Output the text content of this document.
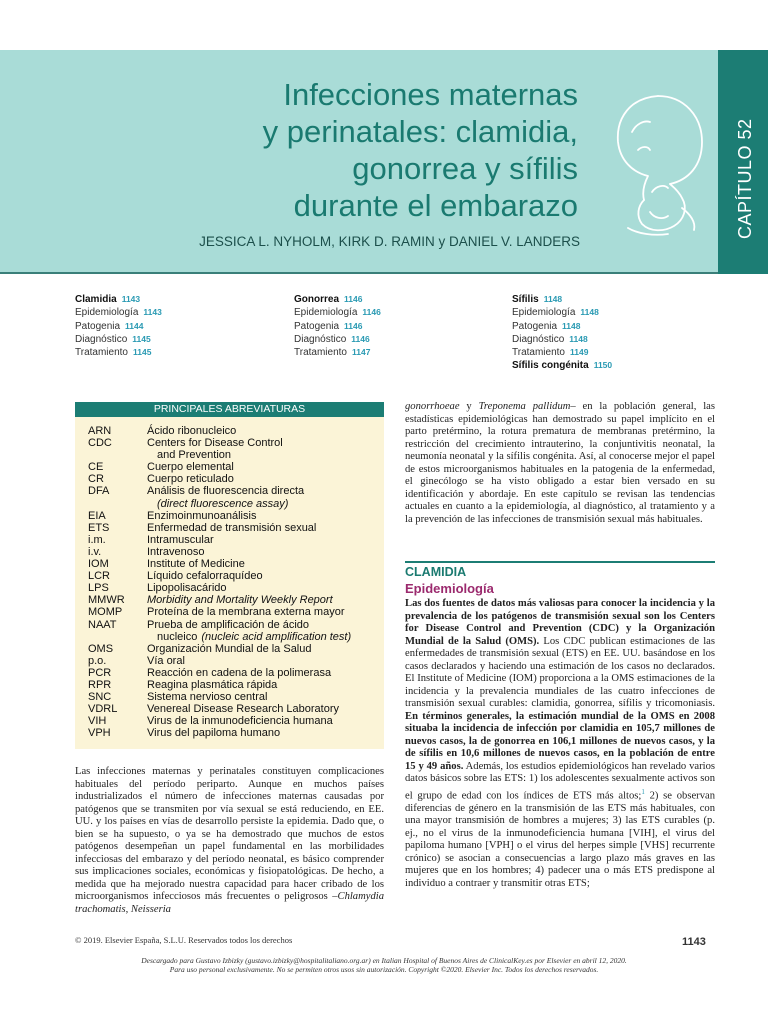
CAPÍTULO 52
Infecciones maternas
y perinatales: clamidia,
gonorrea y sífilis
durante el embarazo
JESSICA L. NYHOLM, KIRK D. RAMIN y DANIEL V. LANDERS
Clamidia 1143
Epidemiología 1143
Patogenia 1144
Diagnóstico 1145
Tratamiento 1145
Gonorrea 1146
Epidemiología 1146
Patogenia 1146
Diagnóstico 1146
Tratamiento 1147
Sífilis 1148
Epidemiología 1148
Patogenia 1148
Diagnóstico 1148
Tratamiento 1149
Sífilis congénita 1150
PRINCIPALES ABREVIATURAS
ARN	Ácido ribonucleico
CDC	Centers for Disease Control
and Prevention
CE	Cuerpo elemental
CR	Cuerpo reticulado
DFA	Análisis de fluorescencia directa
(direct fluorescence assay)
EIA	Enzimoinmunoanálisis
ETS	Enfermedad de transmisión sexual
i.m.	Intramuscular
i.v.	Intravenoso
IOM	Institute of Medicine
LCR	Líquido cefalorraquídeo
LPS	Lipopolisacárido
MMWR	Morbidity and Mortality Weekly Report
MOMP	Proteína de la membrana externa mayor
NAAT	Prueba de amplificación de ácido
nucleico (nucleic acid amplification test)
OMS	Organización Mundial de la Salud
p.o.	Vía oral
PCR	Reacción en cadena de la polimerasa
RPR	Reagina plasmática rápida
SNC	Sistema nervioso central
VDRL	Venereal Disease Research Laboratory
VIH	Virus de la inmunodeficiencia humana
VPH	Virus del papiloma humano
Las infecciones maternas y perinatales constituyen complicaciones habituales del período periparto. Aunque en muchos países industrializados el número de infecciones maternas causadas por patógenos que se transmiten por vía sexual se está reduciendo, en EE. UU. y los países en vías de desarrollo persiste la epidemia. Dado que, o bien se ha supuesto, o ya se ha demostrado que muchos de estos patógenos desempeñan un papel fundamental en las morbilidades infecciosas del embarazo y del período neonatal, es básico comprender sus implicaciones sociales, económicas y fisiopatológicas. De hecho, a medida que ha mejorado nuestra capacidad para hacer cribado de los microorganismos infecciosos más frecuentes o peligrosos –Chlamydia trachomatis, Neisseria
gonorrhoeae y Treponema pallidum– en la población general, las estadísticas epidemiológicas han demostrado su papel implícito en el parto pretérmino, la rotura prematura de membranas pretérmino, la restricción del crecimiento intrauterino, la conjuntivitis neonatal, la neumonía neonatal y la sífilis congénita. Así, al conocerse mejor el papel de estos microorganismos habituales en la patogenia de la enfermedad, el ginecólogo se ha visto obligado a estar bien versado en su identificación y abordaje. En este capítulo se revisan las tendencias actuales en cuanto a la epidemiología, al diagnóstico, al tratamiento y a la prevención de las infecciones de transmisión sexual más habituales.
CLAMIDIA
Epidemiología
Las dos fuentes de datos más valiosas para conocer la incidencia y la prevalencia de los patógenos de transmisión sexual son los Centers for Disease Control and Prevention (CDC) y la Organización Mundial de la Salud (OMS). Los CDC publican estimaciones de las enfermedades de transmisión sexual (ETS) en EE. UU. basándose en los casos declarados y haciendo una estimación de los casos no declarados. El Institute of Medicine (IOM) proporciona a la OMS estimaciones de la incidencia y la prevalencia mundiales de las cuatro infecciones de transmisión sexual curables: clamidia, gonorrea, sífilis y tricomoniasis. En términos generales, la estimación mundial de la OMS en 2008 situaba la incidencia de infección por clamidia en 105,7 millones de nuevos casos, la de gonorrea en 106,1 millones de nuevos casos, y la de sífilis en 10,6 millones de nuevos casos, en la población de entre 15 y 49 años. Además, los estudios epidemiológicos han revelado varios datos básicos sobre las ETS: 1) los adolescentes sexualmente activos son el grupo de edad con los índices de ETS más altos;$^1$ 2) se observan diferencias de género en la transmisión de las ETS más habituales, con una mayor transmisión de hombres a mujeres; 3) las ETS curables (p. ej., no el virus de la inmunodeficiencia humana [VIH], el virus del papiloma humano [VPH] o el virus del herpes simple [VHS] recurrente crónico) se asocian a consecuencias a largo plazo más graves en las mujeres que en los hombres; 4) padecer una o más ETS predispone al individuo a contraer y transmitir otras ETS;
© 2019. Elsevier España, S.L.U. Reservados todos los derechos	1143
Descargado para Gustavo Izbizky (gustavo.izbizky@hospitalitaliano.org.ar) en Italian Hospital of Buenos Aires de ClinicalKey.es por Elsevier en abril 12, 2020.
Para uso personal exclusivamente. No se permiten otros usos sin autorización. Copyright ©2020. Elsevier Inc. Todos los derechos reservados.
